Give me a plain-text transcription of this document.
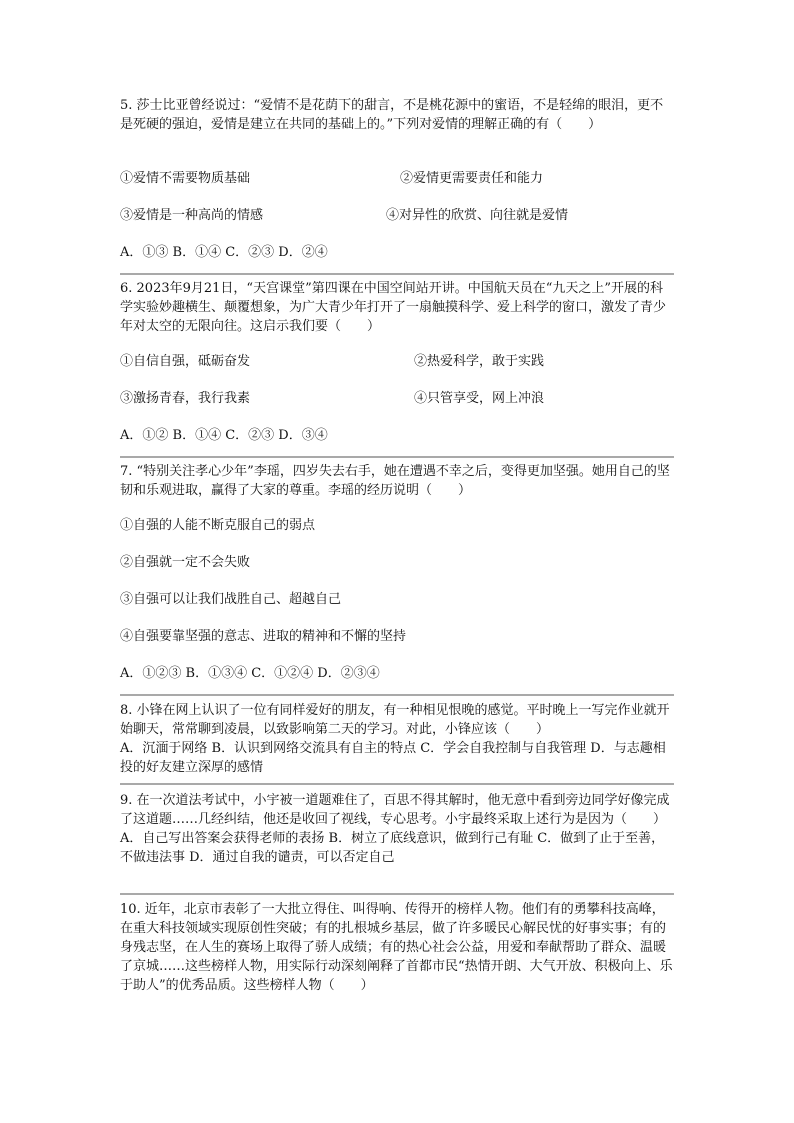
5. 莎士比亚曾经说过：“爱情不是花荫下的甜言，不是桃花源中的蜜语，不是轻绵的眼泪，更不是死硬的强迫，爱情是建立在共同的基础上的。”下列对爱情的理解正确的有（　　）

①爱情不需要物质基础	②爱情更需要责任和能力
③爱情是一种高尚的情感	④对异性的欣赏、向往就是爱情
A．①③ B．①④ C．②③ D．②④

6. 2023年9月21日，“天宫课堂”第四课在中国空间站开讲。中国航天员在“九天之上”开展的科学实验妙趣横生、颠覆想象，为广大青少年打开了一扇触摸科学、爱上科学的窗口，激发了青少年对太空的无限向往。这启示我们要（　　）

①自信自强，砥砺奋发	②热爱科学，敢于实践
③激扬青春，我行我素	④只管享受，网上冲浪
A．①② B．①④ C．②③ D．③④

7. “特别关注孝心少年”李瑶，四岁失去右手，她在遭遇不幸之后，变得更加坚强。她用自己的坚韧和乐观进取，赢得了大家的尊重。李瑶的经历说明（　　）

①自强的人能不断克服自己的弱点
②自强就一定不会失败
③自强可以让我们战胜自己、超越自己
④自强要靠坚强的意志、进取的精神和不懈的坚持
A．①②③ B．①③④ C．①②④ D．②③④

8. 小锋在网上认识了一位有同样爱好的朋友，有一种相见恨晚的感觉。平时晚上一写完作业就开始聊天，常常聊到凌晨，以致影响第二天的学习。对此，小锋应该（　　）

A．沉湎于网络 B．认识到网络交流具有自主的特点 C．学会自我控制与自我管理 D．与志趣相投的好友建立深厚的感情

9. 在一次道法考试中，小宇被一道题难住了，百思不得其解时，他无意中看到旁边同学好像完成了这道题……几经纠结，他还是收回了视线，专心思考。小宇最终采取上述行为是因为（　　）

A．自己写出答案会获得老师的表扬 B．树立了底线意识，做到行己有耻 C．做到了止于至善，不做违法事 D．通过自我的谴责，可以否定自己

10. 近年，北京市表彰了一大批立得住、叫得响、传得开的榜样人物。他们有的勇攀科技高峰，在重大科技领域实现原创性突破；有的扎根城乡基层，做了许多暖民心解民忧的好事实事；有的身残志坚，在人生的赛场上取得了骄人成绩；有的热心社会公益，用爱和奉献帮助了群众、温暖了京城……这些榜样人物，用实际行动深刻阐释了首都市民“热情开朗、大气开放、积极向上、乐于助人”的优秀品质。这些榜样人物（　　）
